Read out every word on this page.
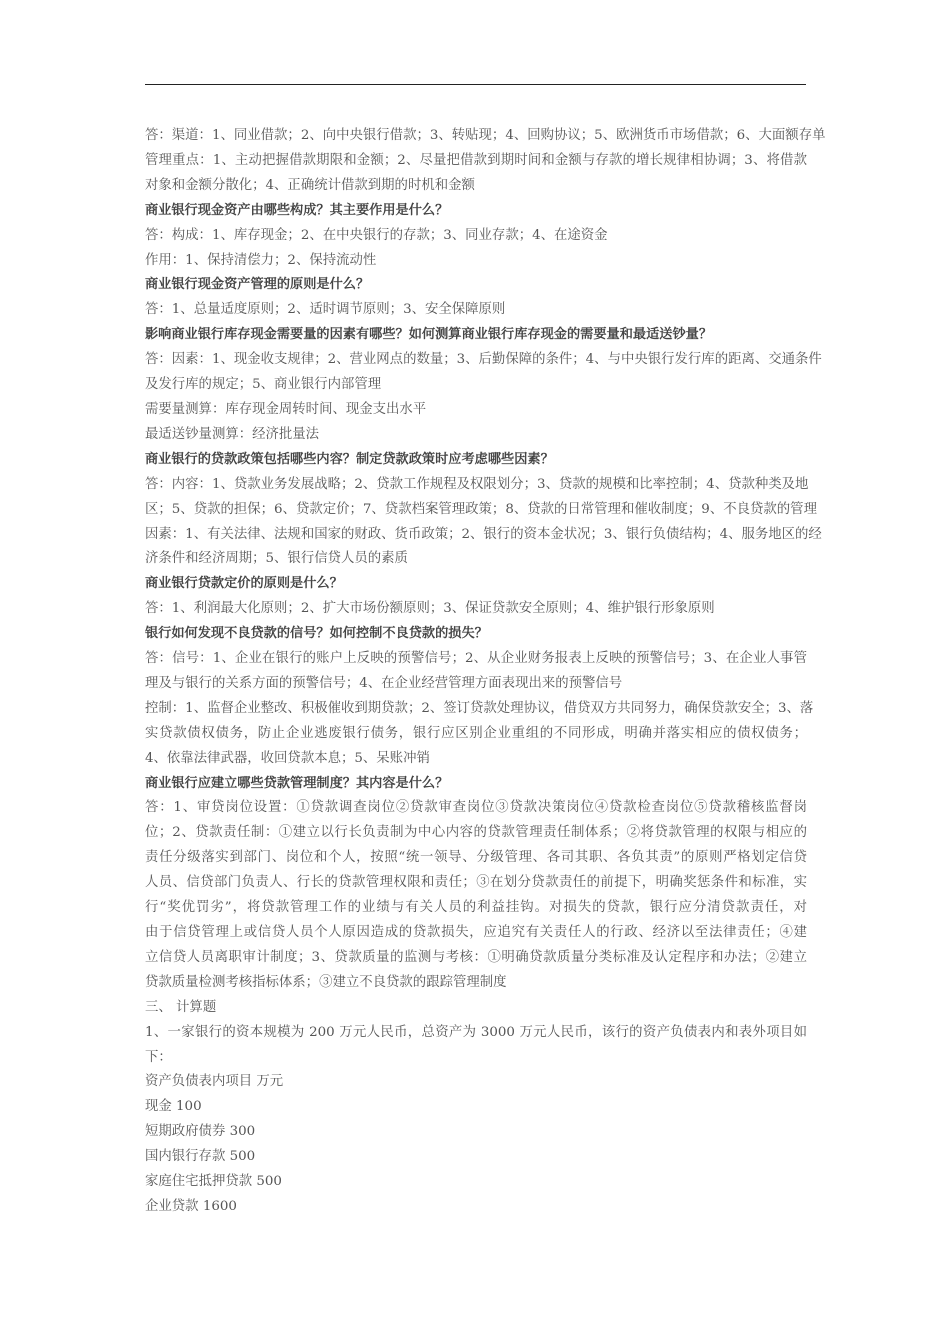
答：渠道：1、同业借款；2、向中央银行借款；3、转贴现；4、回购协议；5、欧洲货币市场借款；6、大面额存单
管理重点：1、主动把握借款期限和金额；2、尽量把借款到期时间和金额与存款的增长规律相协调；3、将借款
对象和金额分散化；4、正确统计借款到期的时机和金额
商业银行现金资产由哪些构成？其主要作用是什么？
答：构成：1、库存现金；2、在中央银行的存款；3、同业存款；4、在途资金
作用：1、保持清偿力；2、保持流动性
商业银行现金资产管理的原则是什么？
答：1、总量适度原则；2、适时调节原则；3、安全保障原则
影响商业银行库存现金需要量的因素有哪些？如何测算商业银行库存现金的需要量和最适送钞量？
答：因素：1、现金收支规律；2、营业网点的数量；3、后勤保障的条件；4、与中央银行发行库的距离、交通条件
及发行库的规定；5、商业银行内部管理
需要量测算：库存现金周转时间、现金支出水平
最适送钞量测算：经济批量法
商业银行的贷款政策包括哪些内容？制定贷款政策时应考虑哪些因素？
答：内容：1、贷款业务发展战略；2、贷款工作规程及权限划分；3、贷款的规模和比率控制；4、贷款种类及地
区；5、贷款的担保；6、贷款定价；7、贷款档案管理政策；8、贷款的日常管理和催收制度；9、不良贷款的管理
因素：1、有关法律、法规和国家的财政、货币政策；2、银行的资本金状况；3、银行负债结构；4、服务地区的经
济条件和经济周期；5、银行信贷人员的素质
商业银行贷款定价的原则是什么？
答：1、利润最大化原则；2、扩大市场份额原则；3、保证贷款安全原则；4、维护银行形象原则
银行如何发现不良贷款的信号？如何控制不良贷款的损失？
答：信号：1、企业在银行的账户上反映的预警信号；2、从企业财务报表上反映的预警信号；3、在企业人事管
理及与银行的关系方面的预警信号；4、在企业经营管理方面表现出来的预警信号
控制：1、监督企业整改、积极催收到期贷款；2、签订贷款处理协议，借贷双方共同努力，确保贷款安全；3、落
实贷款债权债务，防止企业逃废银行债务，银行应区别企业重组的不同形成，明确并落实相应的债权债务；
4、依靠法律武器，收回贷款本息；5、呆账冲销
商业银行应建立哪些贷款管理制度？其内容是什么？
答：1、审贷岗位设置：①贷款调查岗位②贷款审查岗位③贷款决策岗位④贷款检查岗位⑤贷款稽核监督岗
位；2、贷款责任制：①建立以行长负责制为中心内容的贷款管理责任制体系；②将贷款管理的权限与相应的
责任分级落实到部门、岗位和个人，按照“统一领导、分级管理、各司其职、各负其责”的原则严格划定信贷
人员、信贷部门负责人、行长的贷款管理权限和责任；③在划分贷款责任的前提下，明确奖惩条件和标准，实
行“奖优罚劣”，将贷款管理工作的业绩与有关人员的利益挂钩。对损失的贷款，银行应分清贷款责任，对
由于信贷管理上或信贷人员个人原因造成的贷款损失，应追究有关责任人的行政、经济以至法律责任；④建
立信贷人员离职审计制度；3、贷款质量的监测与考核：①明确贷款质量分类标准及认定程序和办法；②建立
贷款质量检测考核指标体系；③建立不良贷款的跟踪管理制度
三、 计算题
1、一家银行的资本规模为 200 万元人民币，总资产为 3000 万元人民币，该行的资产负债表内和表外项目如
下：
资产负债表内项目 万元
现金 100
短期政府债券 300
国内银行存款 500
家庭住宅抵押贷款 500
企业贷款 1600
